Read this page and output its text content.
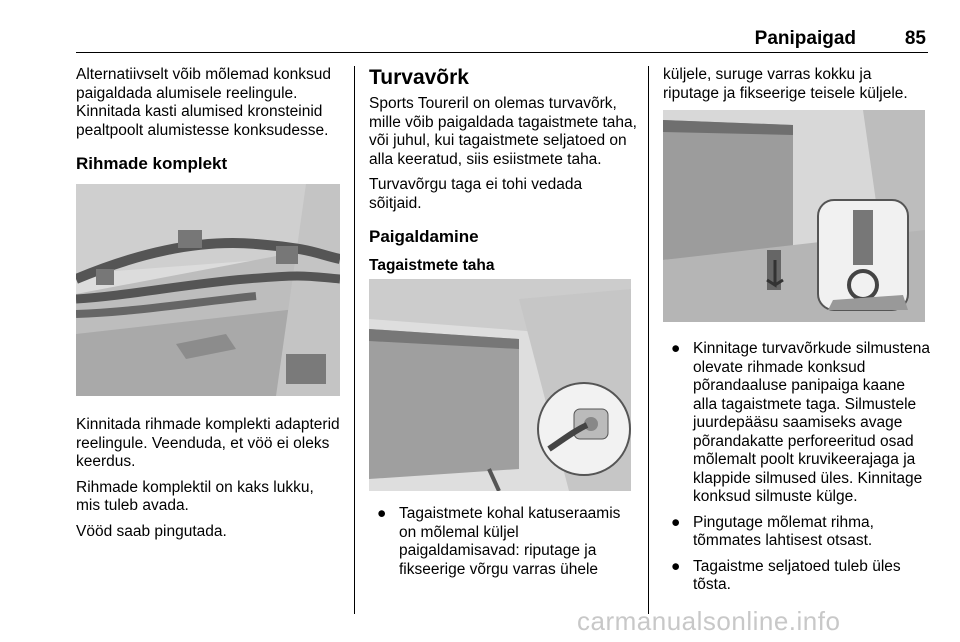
Panipaigad	85

Alternatiivselt võib mõlemad konksud paigaldada alumisele reelingule. Kinnitada kasti alumised kronsteinid pealtpoolt alumistesse konksudesse.

Rihmade komplekt

Kinnitada rihmade komplekti adapterid reelingule. Veenduda, et vöö ei oleks keerdus.

Rihmade komplektil on kaks lukku, mis tuleb avada.

Vööd saab pingutada.

Turvavõrk

Sports Toureril on olemas turvavõrk, mille võib paigaldada tagaistmete taha, või juhul, kui tagaistmete seljatoed on alla keeratud, siis esiistmete taha.

Turvavõrgu taga ei tohi vedada sõitjaid.

Paigaldamine
Tagaistmete taha
● Tagaistmete kohal katuseraamis on mõlemal küljel paigaldamisavad: riputage ja fikseerige võrgu varras ühele

küljele, suruge varras kokku ja riputage ja fikseerige teisele küljele.

● Kinnitage turvavõrkude silmustena olevate rihmade konksud põrandaaluse panipaiga kaane alla tagaistmete taga. Silmustele juurdepääsu saamiseks avage põrandakatte perforeeritud osad mõlemalt poolt kruvikeerajaga ja klappide silmused üles. Kinnitage konksud silmuste külge.
● Pingutage mõlemat rihma, tõmmates lahtisest otsast.
● Tagaistme seljatoed tuleb üles tõsta.
carmanualsonline.info
